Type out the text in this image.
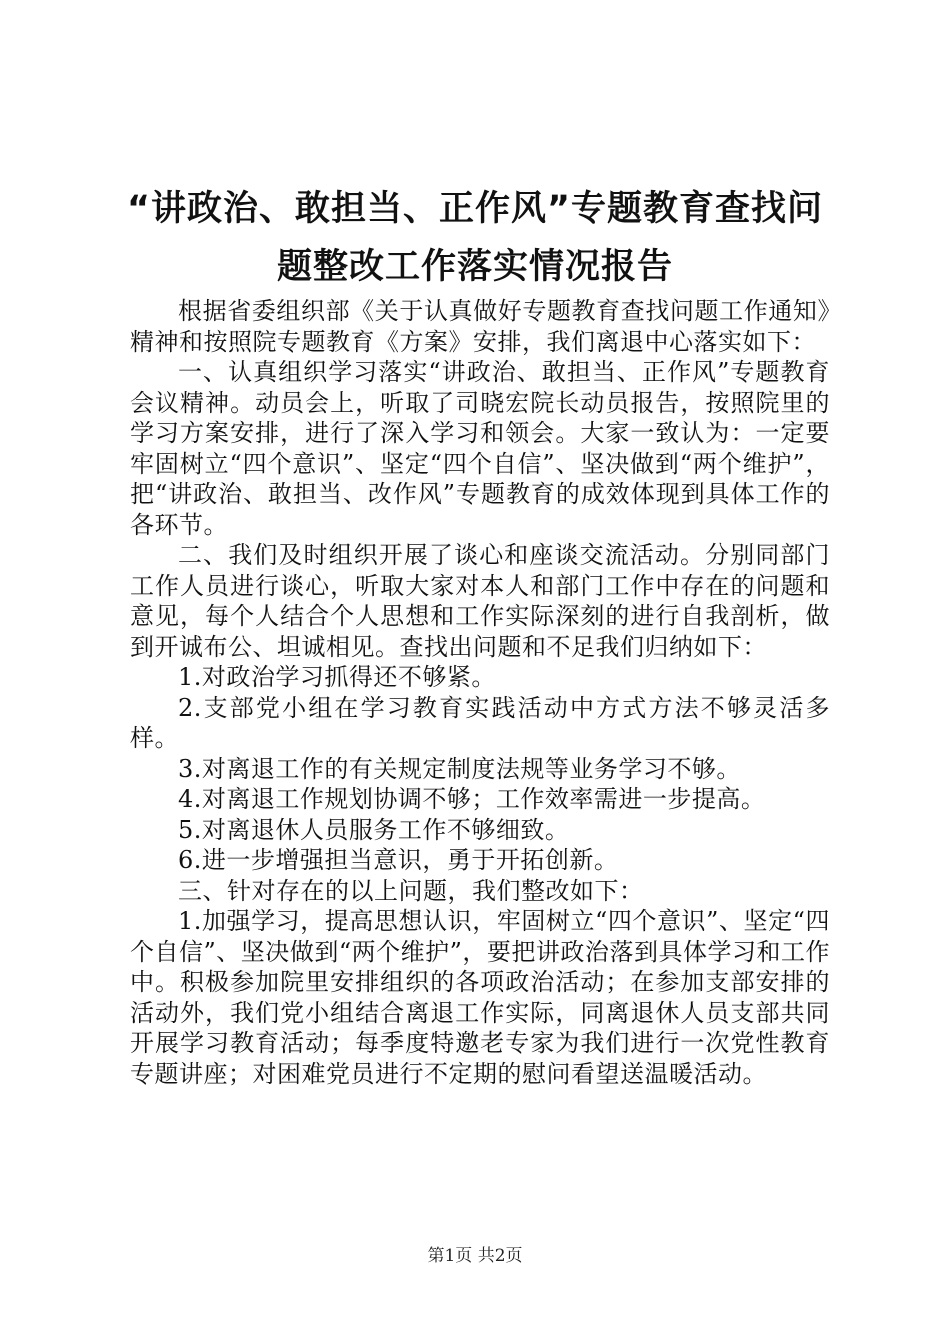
“讲政治、敢担当、正作风”专题教育查找问
题整改工作落实情况报告

根据省委组织部《关于认真做好专题教育查找问题工作通知》精神和按照院专题教育《方案》安排，我们离退中心落实如下：

一、认真组织学习落实“讲政治、敢担当、正作风”专题教育会议精神。动员会上，听取了司晓宏院长动员报告，按照院里的学习方案安排，进行了深入学习和领会。大家一致认为：一定要牢固树立“四个意识”、坚定“四个自信”、坚决做到“两个维护”，把“讲政治、敢担当、改作风”专题教育的成效体现到具体工作的各环节。

二、我们及时组织开展了谈心和座谈交流活动。分别同部门工作人员进行谈心，听取大家对本人和部门工作中存在的问题和意见，每个人结合个人思想和工作实际深刻的进行自我剖析，做到开诚布公、坦诚相见。查找出问题和不足我们归纳如下：

1.对政治学习抓得还不够紧。

2.支部党小组在学习教育实践活动中方式方法不够灵活多样。

3.对离退工作的有关规定制度法规等业务学习不够。

4.对离退工作规划协调不够；工作效率需进一步提高。

5.对离退休人员服务工作不够细致。

6.进一步增强担当意识，勇于开拓创新。

三、针对存在的以上问题，我们整改如下：

1.加强学习，提高思想认识，牢固树立“四个意识”、坚定“四个自信”、坚决做到“两个维护”，要把讲政治落到具体学习和工作中。积极参加院里安排组织的各项政治活动；在参加支部安排的活动外，我们党小组结合离退工作实际，同离退休人员支部共同开展学习教育活动；每季度特邀老专家为我们进行一次党性教育专题讲座；对困难党员进行不定期的慰问看望送温暖活动。

第1页 共2页
